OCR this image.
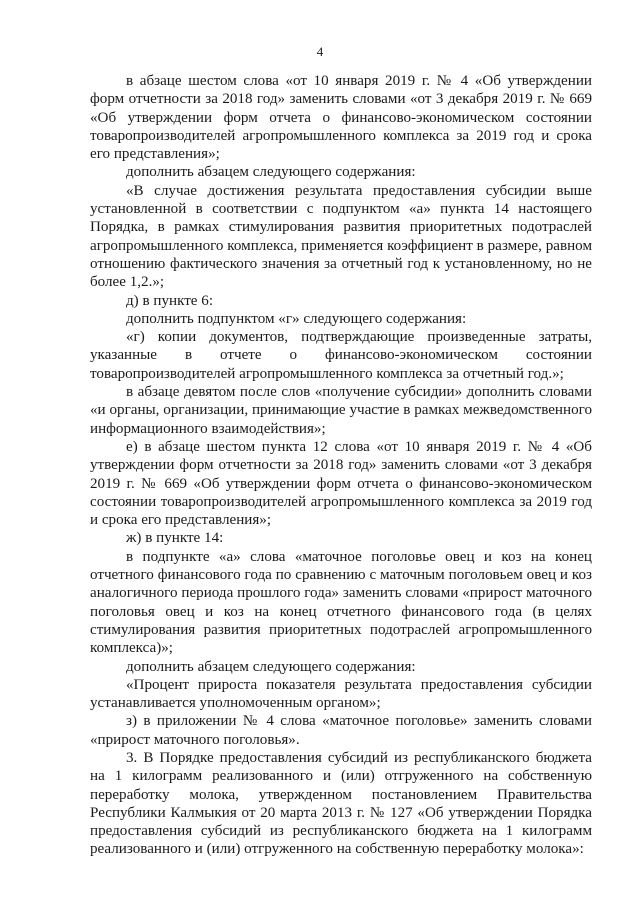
4

в абзаце шестом слова «от 10 января 2019 г. № 4 «Об утверждении форм отчетности за 2018 год» заменить словами «от 3 декабря 2019 г. № 669 «Об утверждении форм отчета о финансово-экономическом состоянии товаропроизводителей агропромышленного комплекса за 2019 год и срока его представления»;

дополнить абзацем следующего содержания:

«В случае достижения результата предоставления субсидии выше установленной в соответствии с подпунктом «а» пункта 14 настоящего Порядка, в рамках стимулирования развития приоритетных подотраслей агропромышленного комплекса, применяется коэффициент в размере, равном отношению фактического значения за отчетный год к установленному, но не более 1,2.»;

д) в пункте 6:

дополнить подпунктом «г» следующего содержания:

«г) копии документов, подтверждающие произведенные затраты, указанные в отчете о финансово-экономическом состоянии товаропроизводителей агропромышленного комплекса за отчетный год.»;

в абзаце девятом после слов «получение субсидии» дополнить словами «и органы, организации, принимающие участие в рамках межведомственного информационного взаимодействия»;

е) в абзаце шестом пункта 12 слова «от 10 января 2019 г. № 4 «Об утверждении форм отчетности за 2018 год» заменить словами «от 3 декабря 2019 г. № 669 «Об утверждении форм отчета о финансово-экономическом состоянии товаропроизводителей агропромышленного комплекса за 2019 год и срока его представления»;

ж) в пункте 14:

в подпункте «а» слова «маточное поголовье овец и коз на конец отчетного финансового года по сравнению с маточным поголовьем овец и коз аналогичного периода прошлого года» заменить словами «прирост маточного поголовья овец и коз на конец отчетного финансового года (в целях стимулирования развития приоритетных подотраслей агропромышленного комплекса)»;

дополнить абзацем следующего содержания:

«Процент прироста показателя результата предоставления субсидии устанавливается уполномоченным органом»;

з) в приложении № 4 слова «маточное поголовье» заменить словами «прирост маточного поголовья».

3. В Порядке предоставления субсидий из республиканского бюджета на 1 килограмм реализованного и (или) отгруженного на собственную переработку молока, утвержденном постановлением Правительства Республики Калмыкия от 20 марта 2013 г. № 127 «Об утверждении Порядка предоставления субсидий из республиканского бюджета на 1 килограмм реализованного и (или) отгруженного на собственную переработку молока»:
